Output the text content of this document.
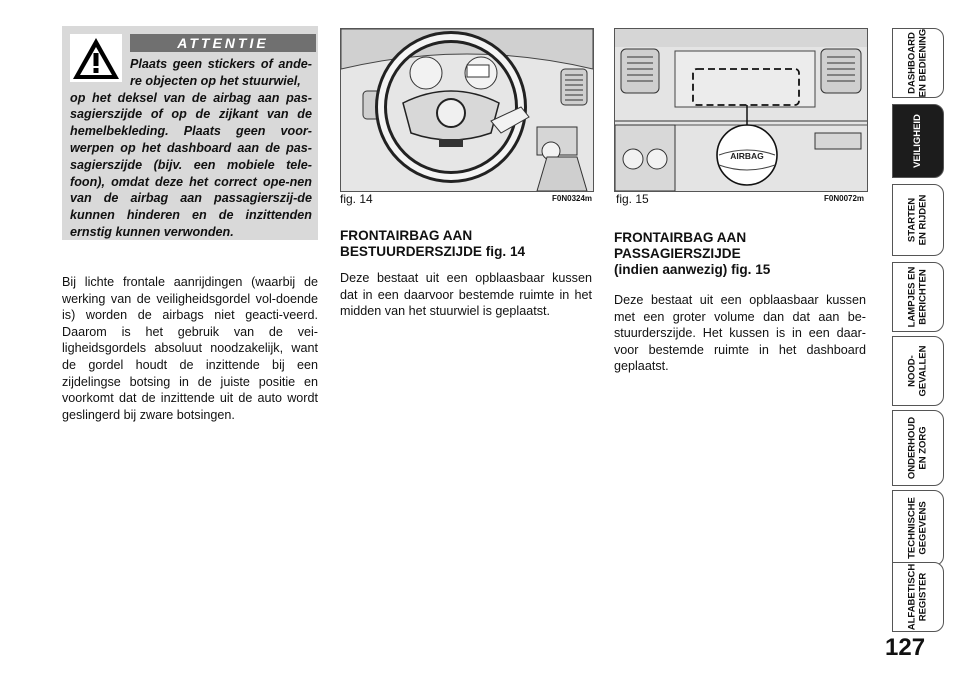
ATTENTIE
Plaats geen stickers of ande-re objecten op het stuurwiel,
op het deksel van de airbag aan pas-sagierszijde of op de zijkant van de hemelbekleding. Plaats geen voor-werpen op het dashboard aan de pas-sagierszijde (bijv. een mobiele tele-foon), omdat deze het correct ope-nen van de airbag aan passagierszij-de kunnen hinderen en de inzittenden ernstig kunnen verwonden.
Bij lichte frontale aanrijdingen (waarbij de werking van de veiligheidsgordel vol-doende is) worden de airbags niet geacti-veerd. Daarom is het gebruik van de vei-ligheidsgordels absoluut noodzakelijk, want de gordel houdt de inzittende bij een zijdelingse botsing in de juiste positie en voorkomt dat de inzittende uit de auto wordt geslingerd bij zware botsingen.
fig. 14	F0N0324m
AIRBAG
fig. 15	F0N0072m
FRONTAIRBAG AAN BESTUURDERSZIJDE fig. 14
Deze bestaat uit een opblaasbaar kussen dat in een daarvoor bestemde ruimte in het midden van het stuurwiel is geplaatst.
FRONTAIRBAG AAN
PASSAGIERSZIJDE
(indien aanwezig) fig. 15
Deze bestaat uit een opblaasbaar kussen met een groter volume dan dat aan be-stuurderszijde. Het kussen is in een daar-voor bestemde ruimte in het dashboard geplaatst.
DASHBOARD EN BEDIENING
VEILIGHEID
STARTEN EN RIJDEN
LAMPJES EN BERICHTEN
NOOD- GEVALLEN
ONDERHOUD EN ZORG
TECHNISCHE GEGEVENS
ALFABETISCH REGISTER
127
